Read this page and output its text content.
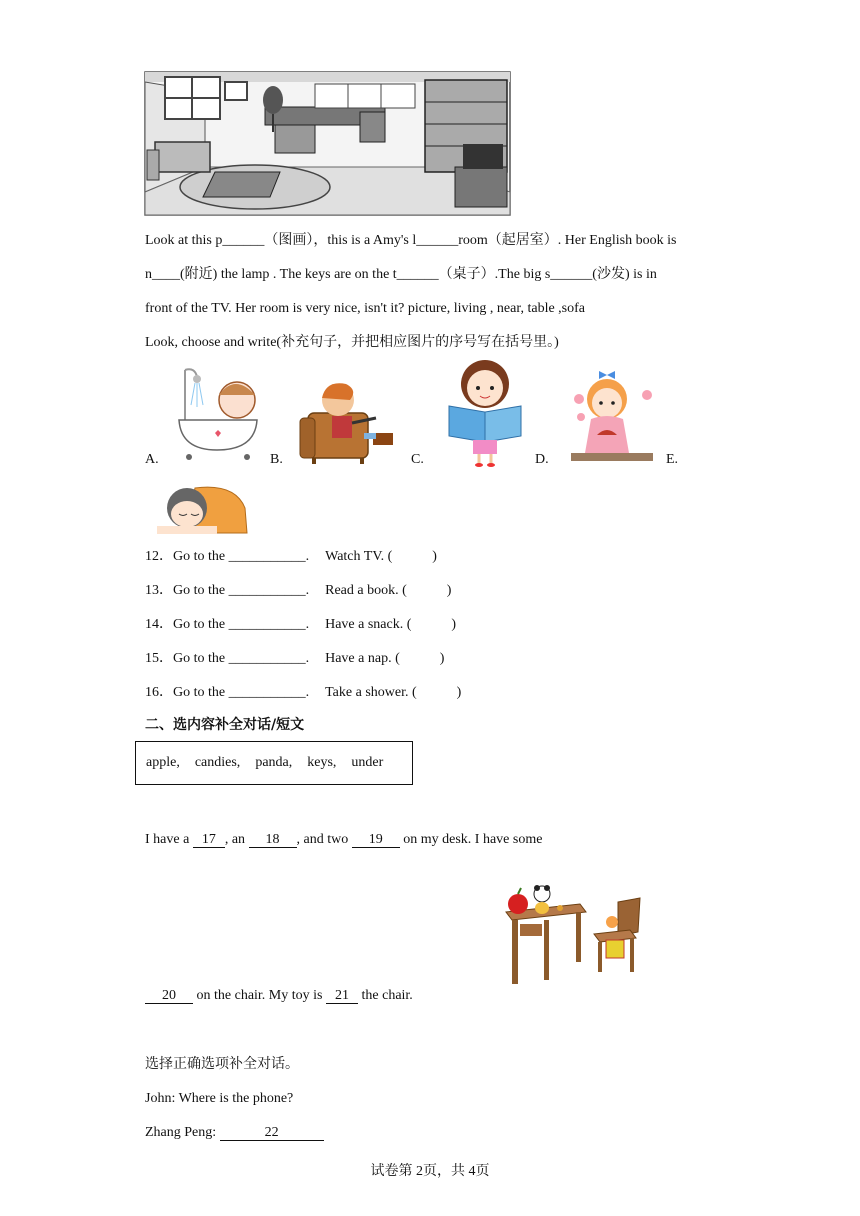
Look at this p______（图画），this is a Amy's l______room（起居室）. Her English book is
n____(附近) the lamp . The keys are on the t______（桌子）.The big s______(沙发) is in
front of the TV. Her room is very nice, isn't it? picture, living , near, table ,sofa
Look, choose and write(补充句子，并把相应图片的序号写在括号里。)
A.	B.	C.	D.	E.
12．Go to the ___________. Watch TV. (	)
13．Go to the ___________. Read a book. (	)
14．Go to the ___________. Have a snack. (	)
15．Go to the ___________. Have a nap. (	)
16．Go to the ___________. Take a shower. (	)
二、选内容补全对话/短文
apple, candies, panda, keys, under
I have a 17 , an 18 , and two 19 on my desk. I have some
20 on the chair. My toy is 21 the chair.
选择正确选项补全对话。
John: Where is the phone?
Zhang Peng:	22
试卷第 2页，共 4页
